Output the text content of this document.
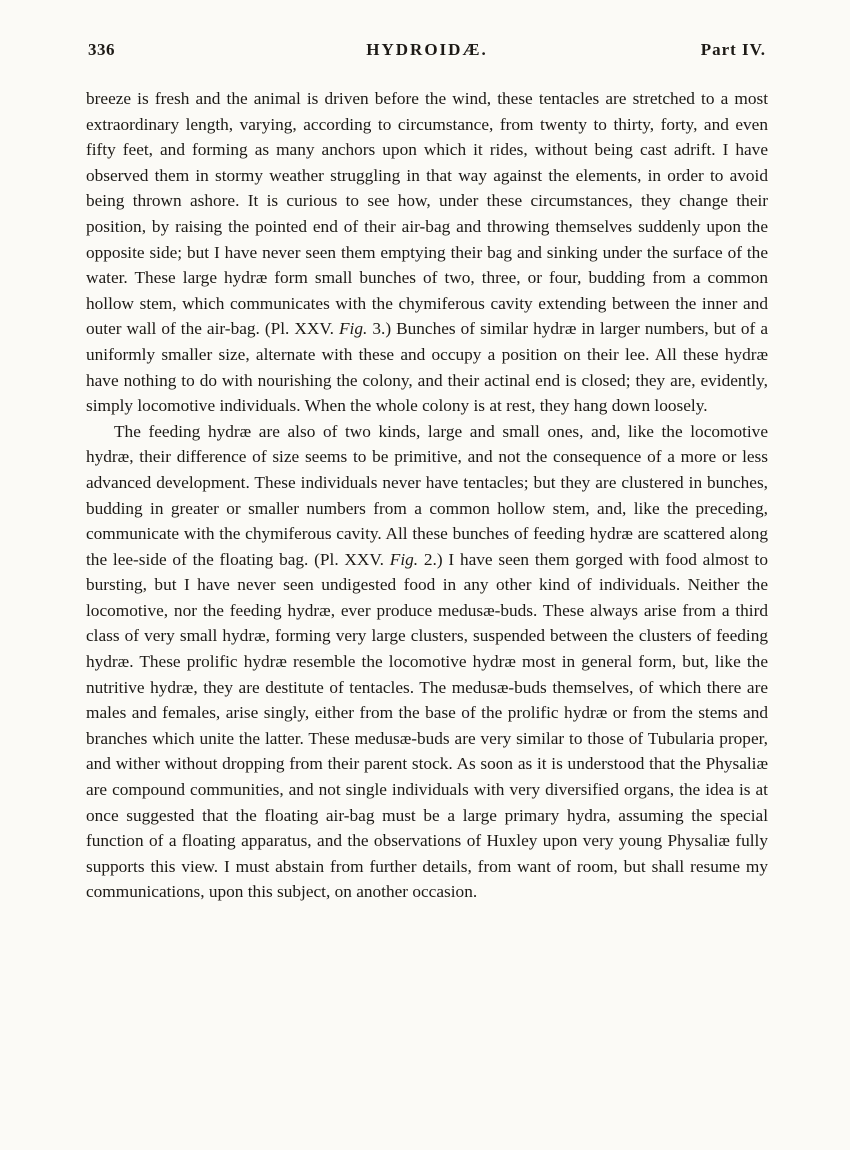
336	HYDROIDÆ.	Part IV.

breeze is fresh and the animal is driven before the wind, these tentacles are stretched to a most extraordinary length, varying, according to circumstance, from twenty to thirty, forty, and even fifty feet, and forming as many anchors upon which it rides, without being cast adrift. I have observed them in stormy weather struggling in that way against the elements, in order to avoid being thrown ashore. It is curious to see how, under these circumstances, they change their position, by raising the pointed end of their air-bag and throwing themselves suddenly upon the opposite side; but I have never seen them emptying their bag and sinking under the surface of the water. These large hydræ form small bunches of two, three, or four, budding from a common hollow stem, which communicates with the chymiferous cavity extending between the inner and outer wall of the air-bag. (Pl. XXV. Fig. 3.) Bunches of similar hydræ in larger numbers, but of a uniformly smaller size, alternate with these and occupy a position on their lee. All these hydræ have nothing to do with nourishing the colony, and their actinal end is closed; they are, evidently, simply locomotive individuals. When the whole colony is at rest, they hang down loosely.

The feeding hydræ are also of two kinds, large and small ones, and, like the locomotive hydræ, their difference of size seems to be primitive, and not the consequence of a more or less advanced development. These individuals never have tentacles; but they are clustered in bunches, budding in greater or smaller numbers from a common hollow stem, and, like the preceding, communicate with the chymiferous cavity. All these bunches of feeding hydræ are scattered along the lee-side of the floating bag. (Pl. XXV. Fig. 2.) I have seen them gorged with food almost to bursting, but I have never seen undigested food in any other kind of individuals. Neither the locomotive, nor the feeding hydræ, ever produce medusæ-buds. These always arise from a third class of very small hydræ, forming very large clusters, suspended between the clusters of feeding hydræ. These prolific hydræ resemble the locomotive hydræ most in general form, but, like the nutritive hydræ, they are destitute of tentacles. The medusæ-buds themselves, of which there are males and females, arise singly, either from the base of the prolific hydræ or from the stems and branches which unite the latter. These medusæ-buds are very similar to those of Tubularia proper, and wither without dropping from their parent stock. As soon as it is understood that the Physaliæ are compound communities, and not single individuals with very diversified organs, the idea is at once suggested that the floating air-bag must be a large primary hydra, assuming the special function of a floating apparatus, and the observations of Huxley upon very young Physaliæ fully supports this view. I must abstain from further details, from want of room, but shall resume my communications, upon this subject, on another occasion.
